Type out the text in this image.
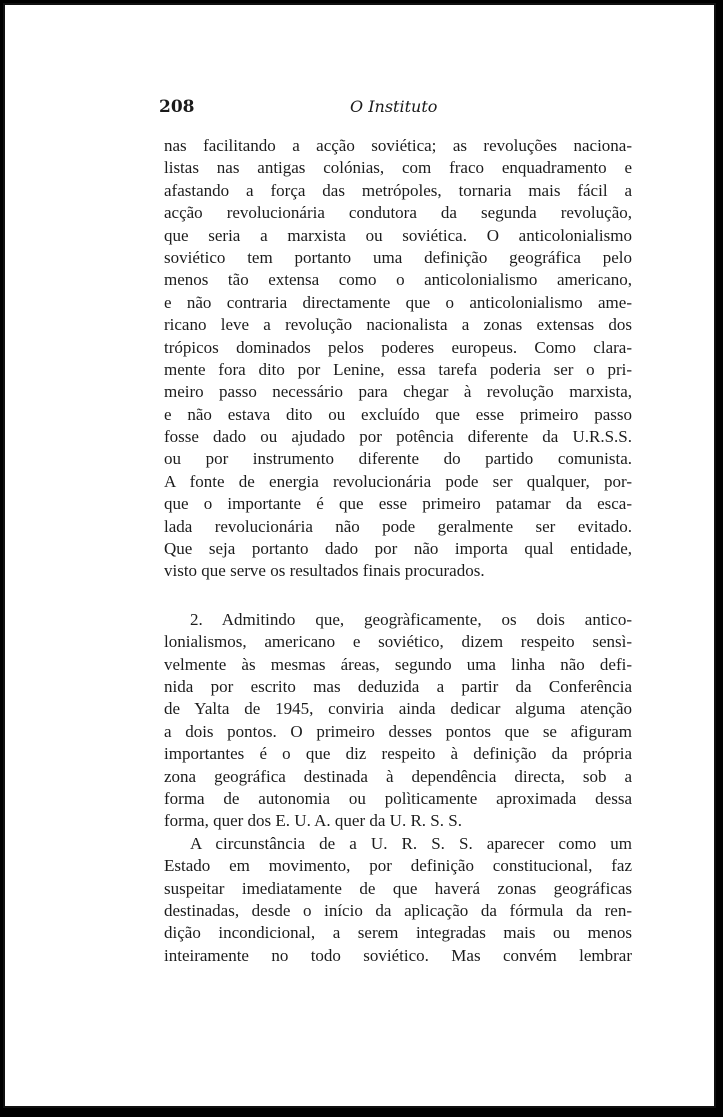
208	O Instituto
nas facilitando a acção soviética; as revoluções naciona-
listas nas antigas colónias, com fraco enquadramento e
afastando a força das metrópoles, tornaria mais fácil a
acção revolucionária condutora da segunda revolução,
que seria a marxista ou soviética. O anticolonialismo
soviético tem portanto uma definição geográfica pelo
menos tão extensa como o anticolonialismo americano,
e não contraria directamente que o anticolonialismo ame-
ricano leve a revolução nacionalista a zonas extensas dos
trópicos dominados pelos poderes europeus. Como clara-
mente fora dito por Lenine, essa tarefa poderia ser o pri-
meiro passo necessário para chegar à revolução marxista,
e não estava dito ou excluído que esse primeiro passo
fosse dado ou ajudado por potência diferente da U.R.S.S.
ou por instrumento diferente do partido comunista.
A fonte de energia revolucionária pode ser qualquer, por-
que o importante é que esse primeiro patamar da esca-
lada revolucionária não pode geralmente ser evitado.
Que seja portanto dado por não importa qual entidade,
visto que serve os resultados finais procurados.
2. Admitindo que, geogràficamente, os dois antico-
lonialismos, americano e soviético, dizem respeito sensì-
velmente às mesmas áreas, segundo uma linha não defi-
nida por escrito mas deduzida a partir da Conferência
de Yalta de 1945, conviria ainda dedicar alguma atenção
a dois pontos. O primeiro desses pontos que se afiguram
importantes é o que diz respeito à definição da própria
zona geográfica destinada à dependência directa, sob a
forma de autonomia ou polìticamente aproximada dessa
forma, quer dos E. U. A. quer da U. R. S. S.
A circunstância de a U. R. S. S. aparecer como um
Estado em movimento, por definição constitucional, faz
suspeitar imediatamente de que haverá zonas geográficas
destinadas, desde o início da aplicação da fórmula da ren-
dição incondicional, a serem integradas mais ou menos
inteiramente no todo soviético. Mas convém lembrar
